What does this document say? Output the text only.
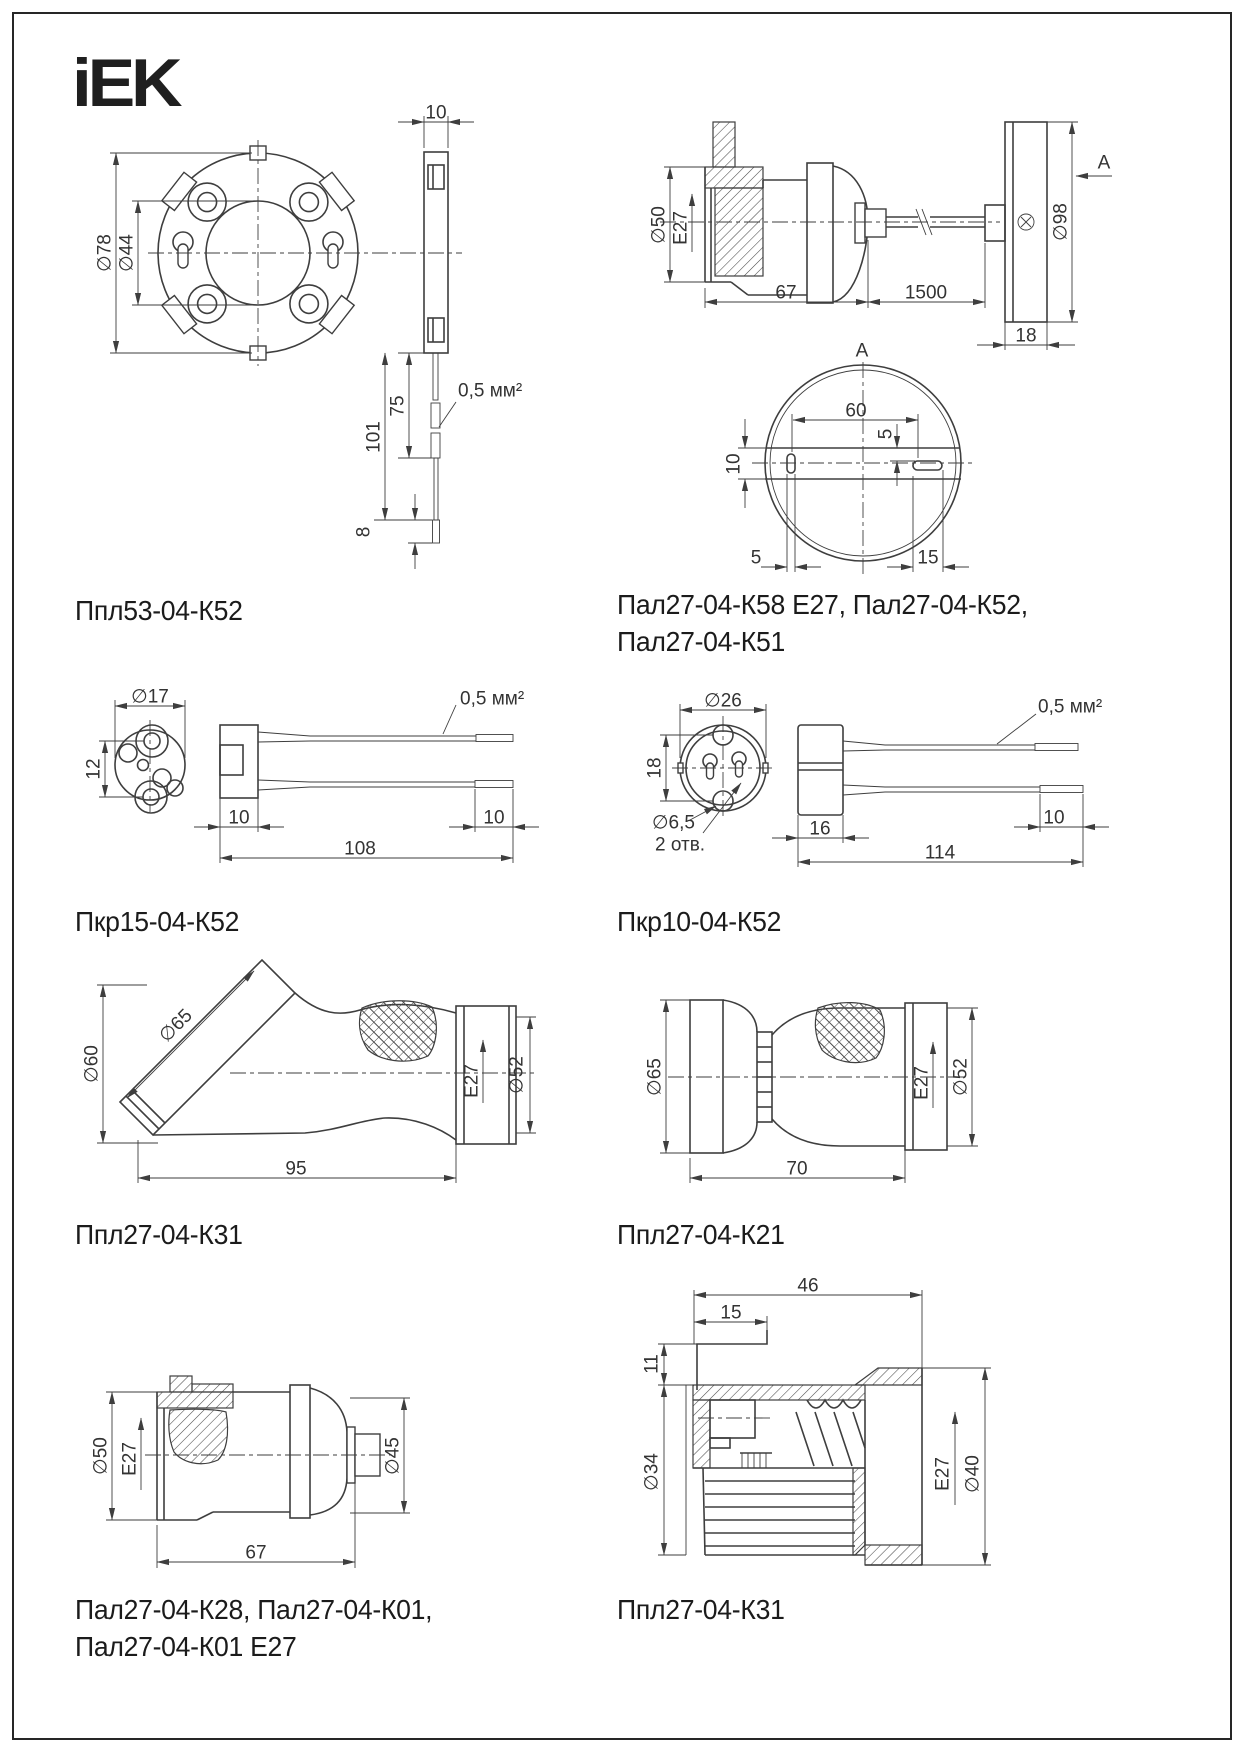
iEK
∅78 ∅44
10
75
101
8
0,5 мм²
∅50 E27
67	1500
18
∅98
A
A
60
5
10
5	15
∅17
12
10	10
108
0,5 мм²	∅26
18
∅6,5
2 отв.
16
10
114
0,5 мм²
∅60
∅65
E27 ∅52
95
∅65	E27 ∅52
70
∅50 E27	∅45
67
46
15
11
∅34	E27 ∅40
Ппл53-04-К52	Пал27-04-К58 Е27, Пал27-04-К52,
Пал27-04-К51
Пкр15-04-К52	Пкр10-04-К52
Ппл27-04-К31	Ппл27-04-К21
Пал27-04-К28, Пал27-04-К01,
Пал27-04-К01 Е27
Ппл27-04-К31
